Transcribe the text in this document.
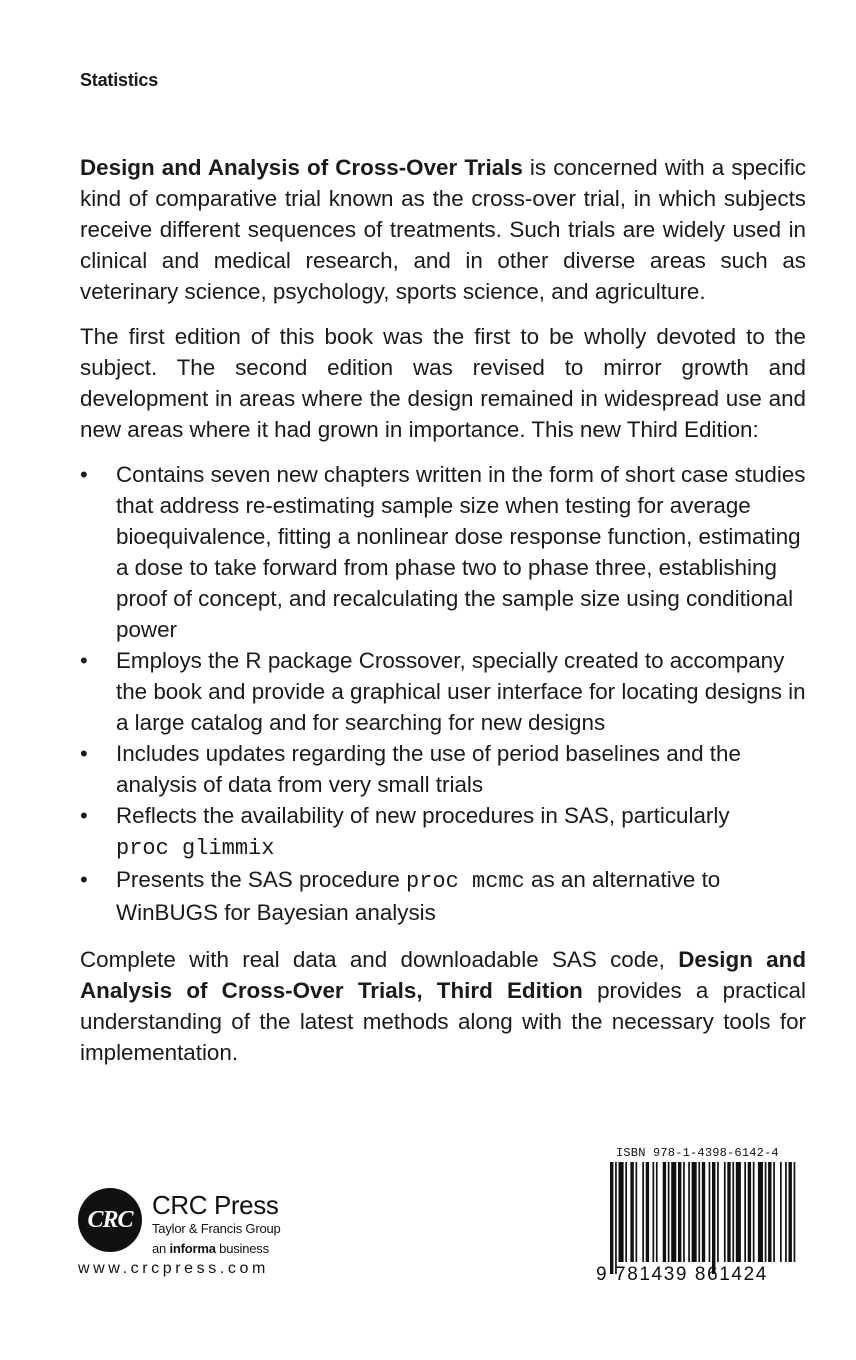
Statistics

Design and Analysis of Cross-Over Trials is concerned with a specific kind of comparative trial known as the cross-over trial, in which subjects receive different sequences of treatments. Such trials are widely used in clinical and medical research, and in other diverse areas such as veterinary science, psychology, sports science, and agriculture.

The first edition of this book was the first to be wholly devoted to the subject. The second edition was revised to mirror growth and development in areas where the design remained in widespread use and new areas where it had grown in importance. This new Third Edition:

• Contains seven new chapters written in the form of short case studies that address re-estimating sample size when testing for average bioequivalence, fitting a nonlinear dose response function, estimating a dose to take forward from phase two to phase three, establishing proof of concept, and recalculating the sample size using conditional power
• Employs the R package Crossover, specially created to accompany the book and provide a graphical user interface for locating designs in a large catalog and for searching for new designs
• Includes updates regarding the use of period baselines and the analysis of data from very small trials
• Reflects the availability of new procedures in SAS, particularly
proc glimmix
• Presents the SAS procedure proc mcmc as an alternative to WinBUGS for Bayesian analysis

Complete with real data and downloadable SAS code, Design and Analysis of Cross-Over Trials, Third Edition provides a practical understanding of the latest methods along with the necessary tools for implementation.

CRC CRC Press
Taylor & Francis Group
an informa business
www.crcpress.com
ISBN 978-1-4398-6142-4
9 781439 861424
